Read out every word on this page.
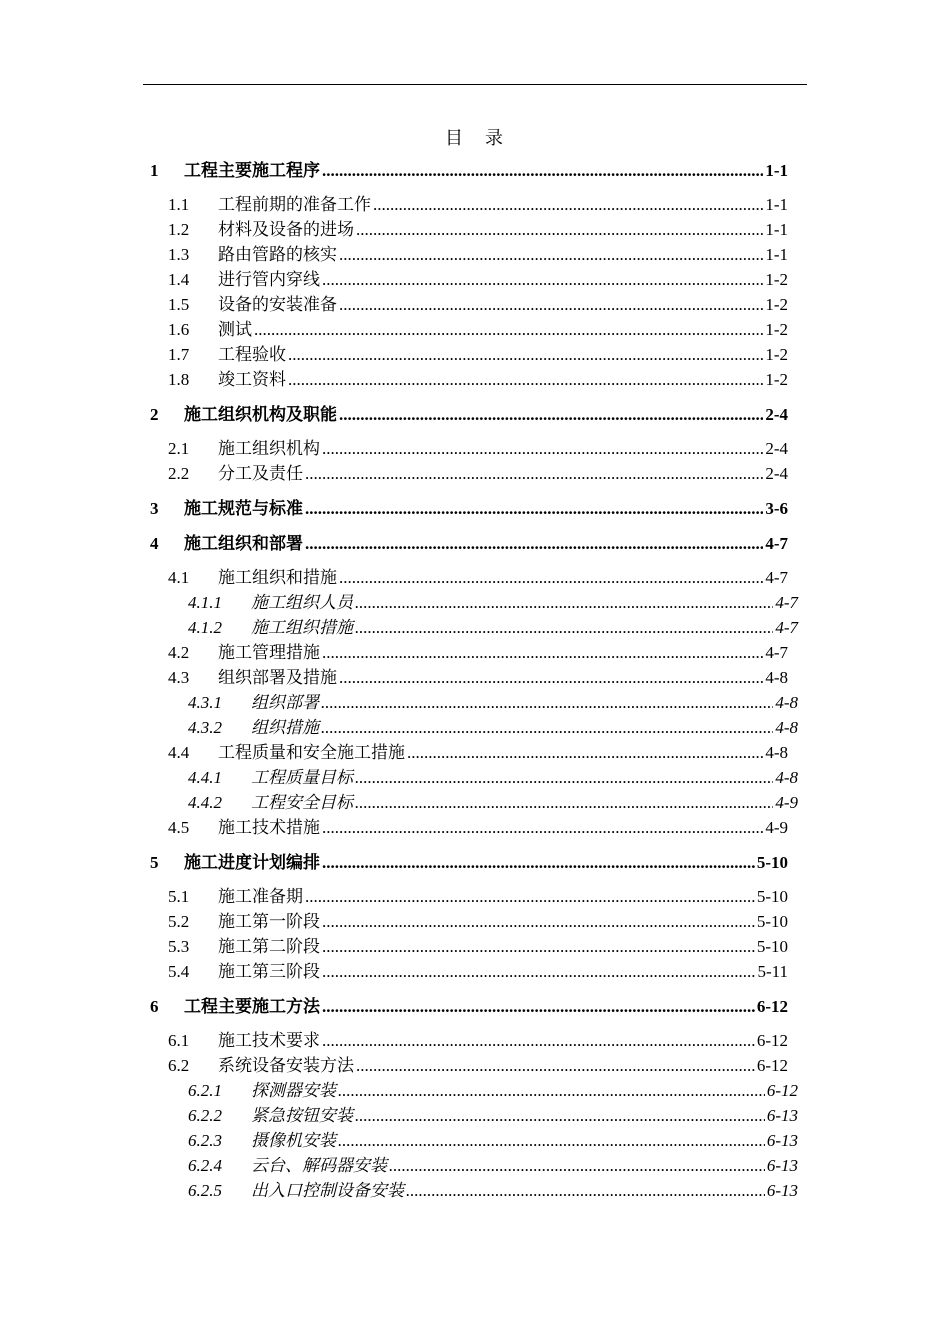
目　录
1	工程主要施工程序 .....	1-1
1.1	工程前期的准备工作 .....	1-1
1.2	材料及设备的进场 .....	1-1
1.3	路由管路的核实 .....	1-1
1.4	进行管内穿线 .....	1-2
1.5	设备的安装准备 .....	1-2
1.6	测试 .....	1-2
1.7	工程验收 .....	1-2
1.8	竣工资料 .....	1-2
2	施工组织机构及职能 .....	2-4
2.1	施工组织机构 .....	2-4
2.2	分工及责任 .....	2-4
3	施工规范与标准 .....	3-6
4	施工组织和部署 .....	4-7
4.1	施工组织和措施 .....	4-7
4.1.1	施工组织人员 .....	4-7
4.1.2	施工组织措施 .....	4-7
4.2	施工管理措施 .....	4-7
4.3	组织部署及措施 .....	4-8
4.3.1	组织部署 .....	4-8
4.3.2	组织措施 .....	4-8
4.4	工程质量和安全施工措施 .....	4-8
4.4.1	工程质量目标 .....	4-8
4.4.2	工程安全目标 .....	4-9
4.5	施工技术措施 .....	4-9
5	施工进度计划编排 .....	5-10
5.1	施工准备期 .....	5-10
5.2	施工第一阶段 .....	5-10
5.3	施工第二阶段 .....	5-10
5.4	施工第三阶段 .....	5-11
6	工程主要施工方法 .....	6-12
6.1	施工技术要求 .....	6-12
6.2	系统设备安装方法 .....	6-12
6.2.1	探测器安装 .....	6-12
6.2.2	紧急按钮安装 .....	6-13
6.2.3	摄像机安装 .....	6-13
6.2.4	云台、解码器安装 .....	6-13
6.2.5	出入口控制设备安装 .....	6-13
